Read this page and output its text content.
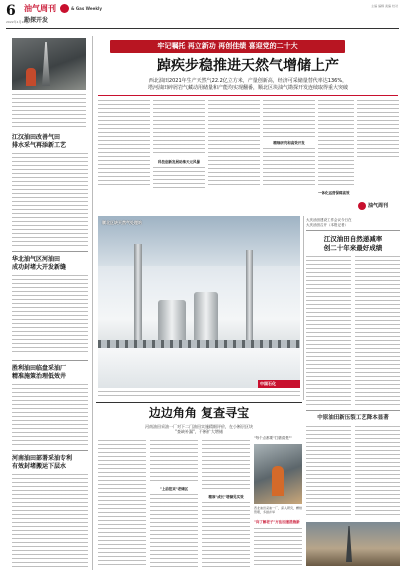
6
2022年1月10日
油气周刊	& Gas Weekly
勘探开发
主编 编辑 美编 校对
牢记嘱托 再立新功 再创佳绩 喜迎党的二十大
江汉油田改善气田
排水采气再添新工艺
华北油气区河油田
成功封堵大开发新缝
胜利油田临盘采油厂
精准施策治理低效井
河南油田部署采油专利
有效封堵搬运下层水
踔疾步稳推进天然气增储上产
西北油田2021年生产天然气22.2亿立方米，产量创新高，经济可采储量替代率达136%，
塔河油田碎屑岩气藏动用储量和产能均实现翻番，顺北区块油气勘探开发连续取得重大突破
科技创新发展助推天元风暴
精细研究和高效开发
一体化运营保障高效
油气周刊
顺北区块天然气处理站
中国石化
大庆油田建设工作会议今日在
大庆油田召开（本报记者）
江汉油田自然递减率
创二十年来最好成绩
中原油田新压裂工艺降本显著
边边角角 复查寻宝
河南油田采油一厂对下二门油田实施精细评价，在小断层区块
"查缺补漏"，不断扩大增储
"上前挖采"老储区
精准"成长"增储见实效
"每个点都要"打磨清楚""
西北油田采油一厂，深入研究，精细管理，多措并举
"向了解老子"方法加速措施新
